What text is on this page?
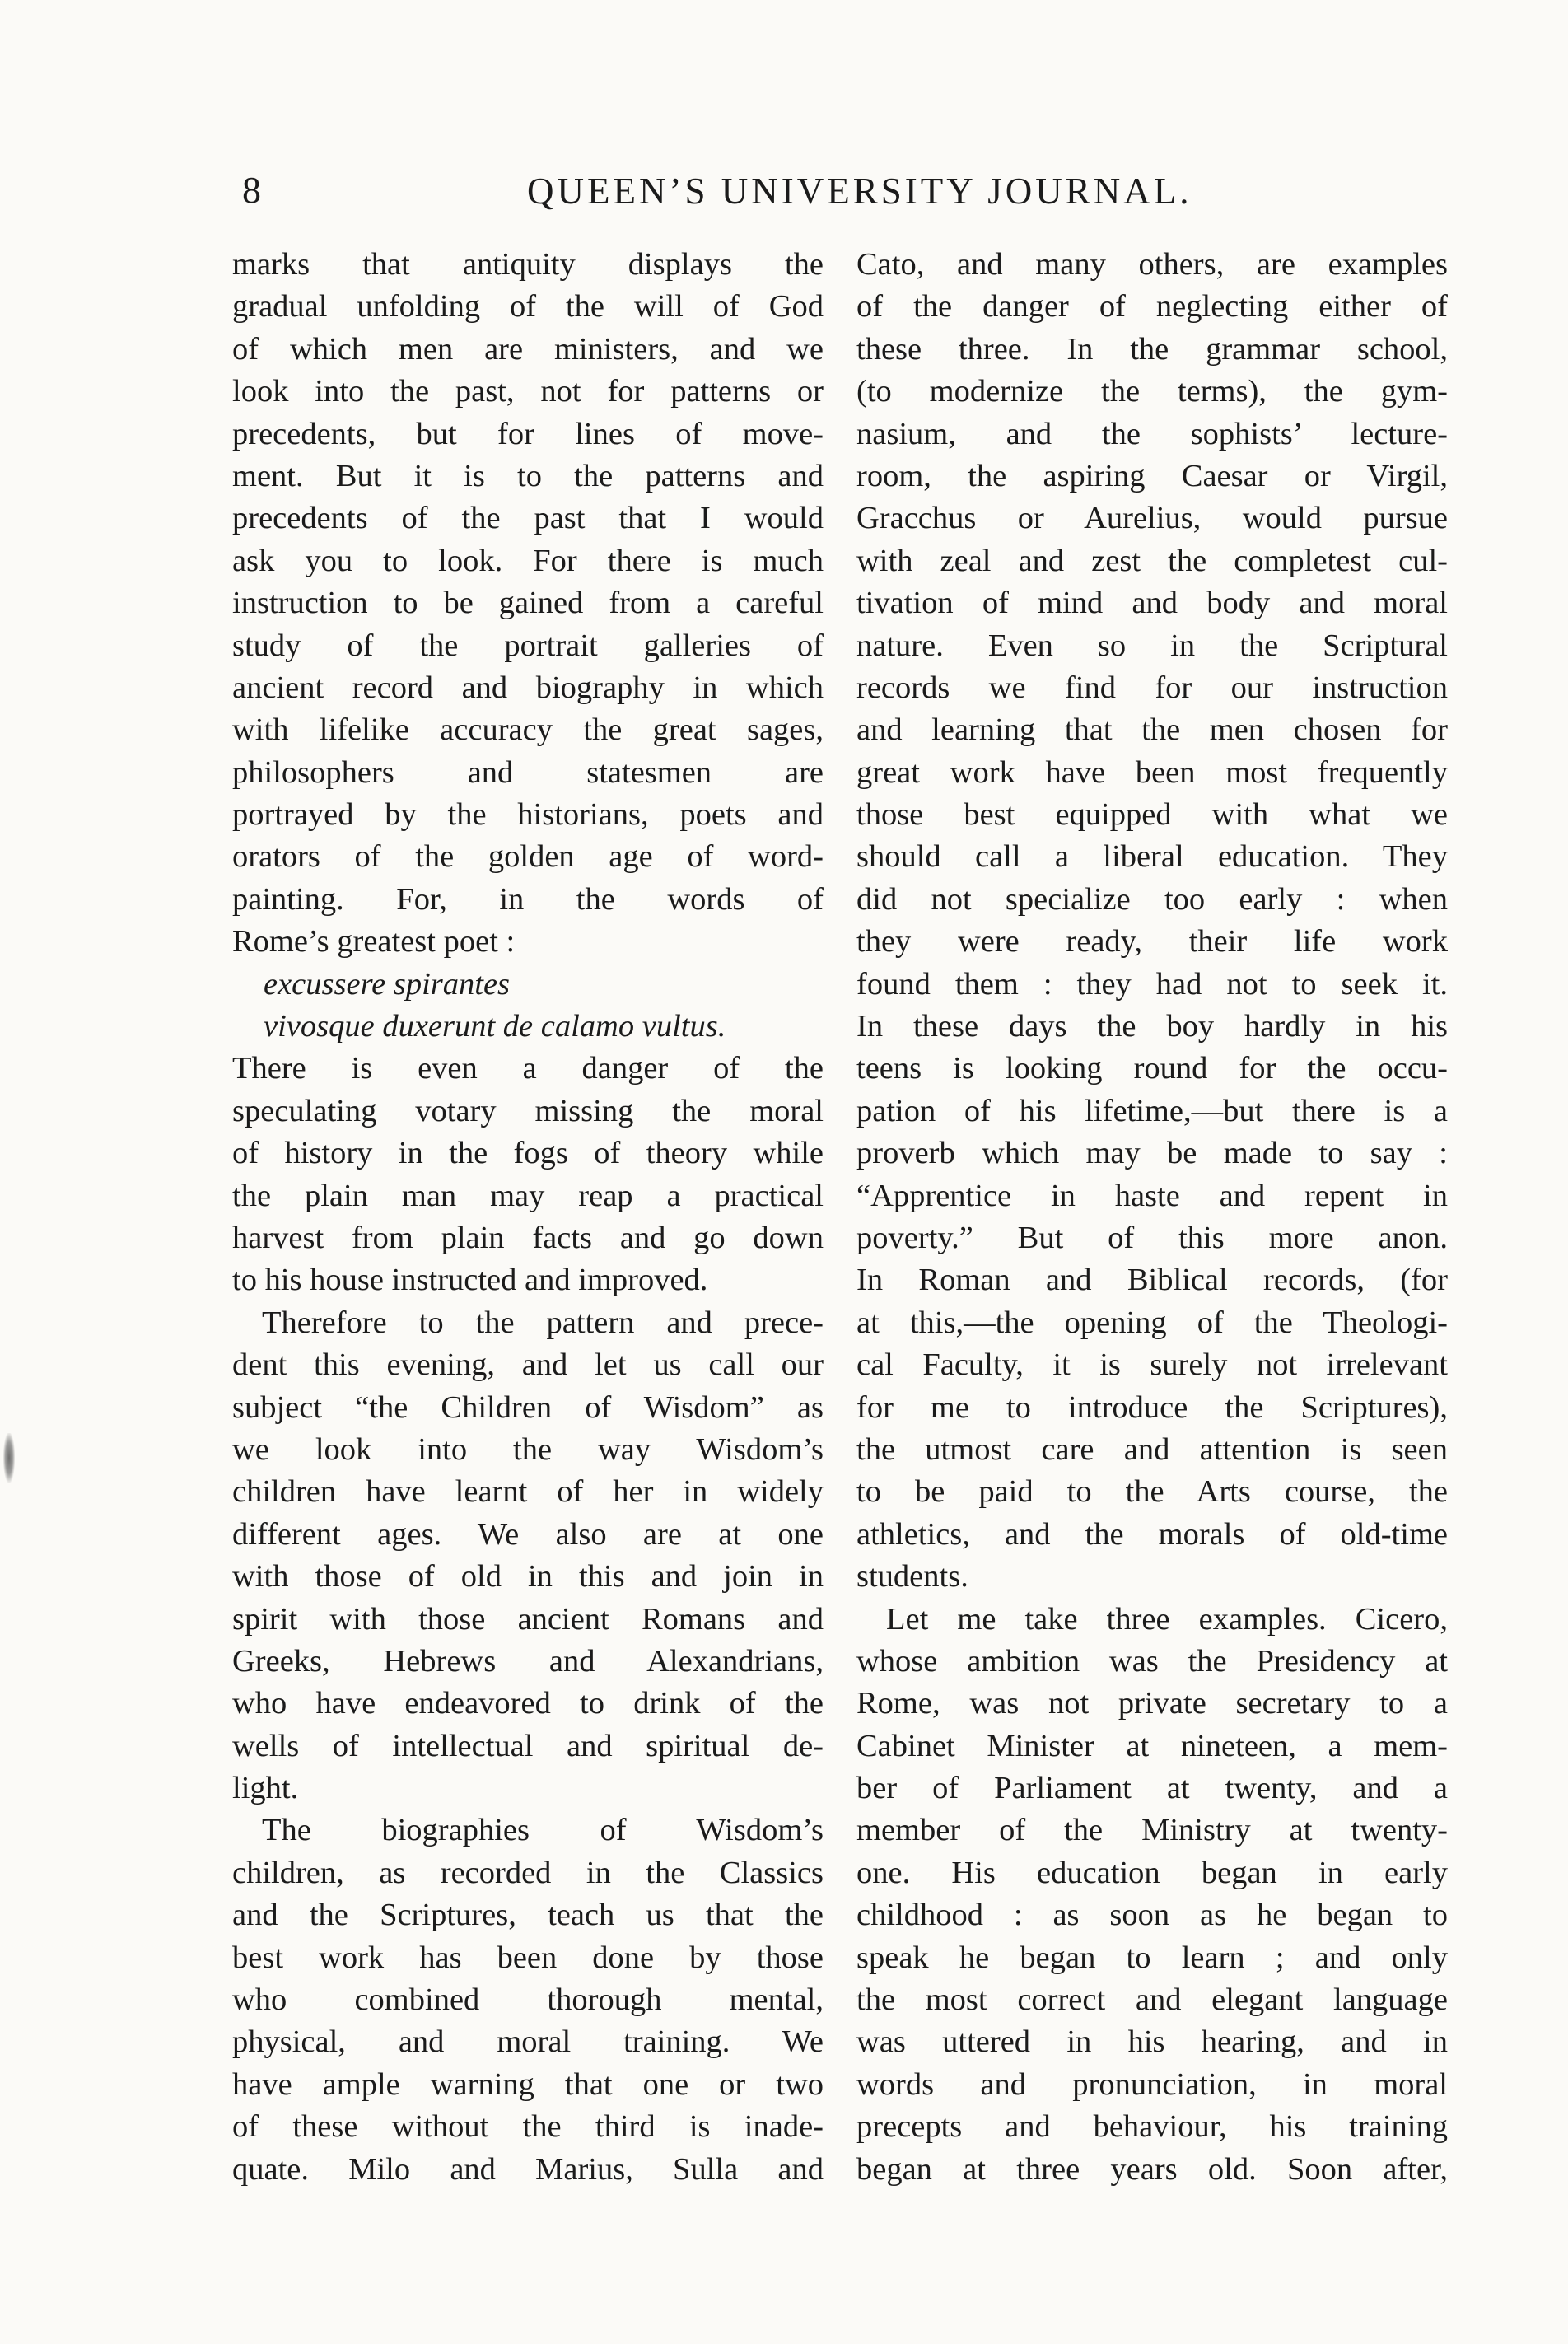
8	QUEEN’S UNIVERSITY JOURNAL.
marks that antiquity displays the
gradual unfolding of the will of God
of which men are ministers, and we
look into the past, not for patterns or
precedents, but for lines of move-
ment. But it is to the patterns and
precedents of the past that I would
ask you to look. For there is much
instruction to be gained from a careful
study of the portrait galleries of
ancient record and biography in which
with lifelike accuracy the great sages,
philosophers and statesmen are
portrayed by the historians, poets and
orators of the golden age of word-
painting. For, in the words of
Rome’s greatest poet :
excussere spirantes
vivosque duxerunt de calamo vultus.
There is even a danger of the
speculating votary missing the moral
of history in the fogs of theory while
the plain man may reap a practical
harvest from plain facts and go down
to his house instructed and improved.
Therefore to the pattern and prece-
dent this evening, and let us call our
subject “the Children of Wisdom” as
we look into the way Wisdom’s
children have learnt of her in widely
different ages. We also are at one
with those of old in this and join in
spirit with those ancient Romans and
Greeks, Hebrews and Alexandrians,
who have endeavored to drink of the
wells of intellectual and spiritual de-
light.
The biographies of Wisdom’s
children, as recorded in the Classics
and the Scriptures, teach us that the
best work has been done by those
who combined thorough mental,
physical, and moral training. We
have ample warning that one or two
of these without the third is inade-
quate. Milo and Marius, Sulla and
Cato, and many others, are examples
of the danger of neglecting either of
these three. In the grammar school,
(to modernize the terms), the gym-
nasium, and the sophists’ lecture-
room, the aspiring Caesar or Virgil,
Gracchus or Aurelius, would pursue
with zeal and zest the completest cul-
tivation of mind and body and moral
nature. Even so in the Scriptural
records we find for our instruction
and learning that the men chosen for
great work have been most frequently
those best equipped with what we
should call a liberal education. They
did not specialize too early : when
they were ready, their life work
found them : they had not to seek it.
In these days the boy hardly in his
teens is looking round for the occu-
pation of his lifetime,—but there is a
proverb which may be made to say :
“Apprentice in haste and repent in
poverty.” But of this more anon.
In Roman and Biblical records, (for
at this,—the opening of the Theologi-
cal Faculty, it is surely not irrelevant
for me to introduce the Scriptures),
the utmost care and attention is seen
to be paid to the Arts course, the
athletics, and the morals of old-time
students.
Let me take three examples. Cicero,
whose ambition was the Presidency at
Rome, was not private secretary to a
Cabinet Minister at nineteen, a mem-
ber of Parliament at twenty, and a
member of the Ministry at twenty-
one. His education began in early
childhood : as soon as he began to
speak he began to learn ; and only
the most correct and elegant language
was uttered in his hearing, and in
words and pronunciation, in moral
precepts and behaviour, his training
began at three years old. Soon after,
